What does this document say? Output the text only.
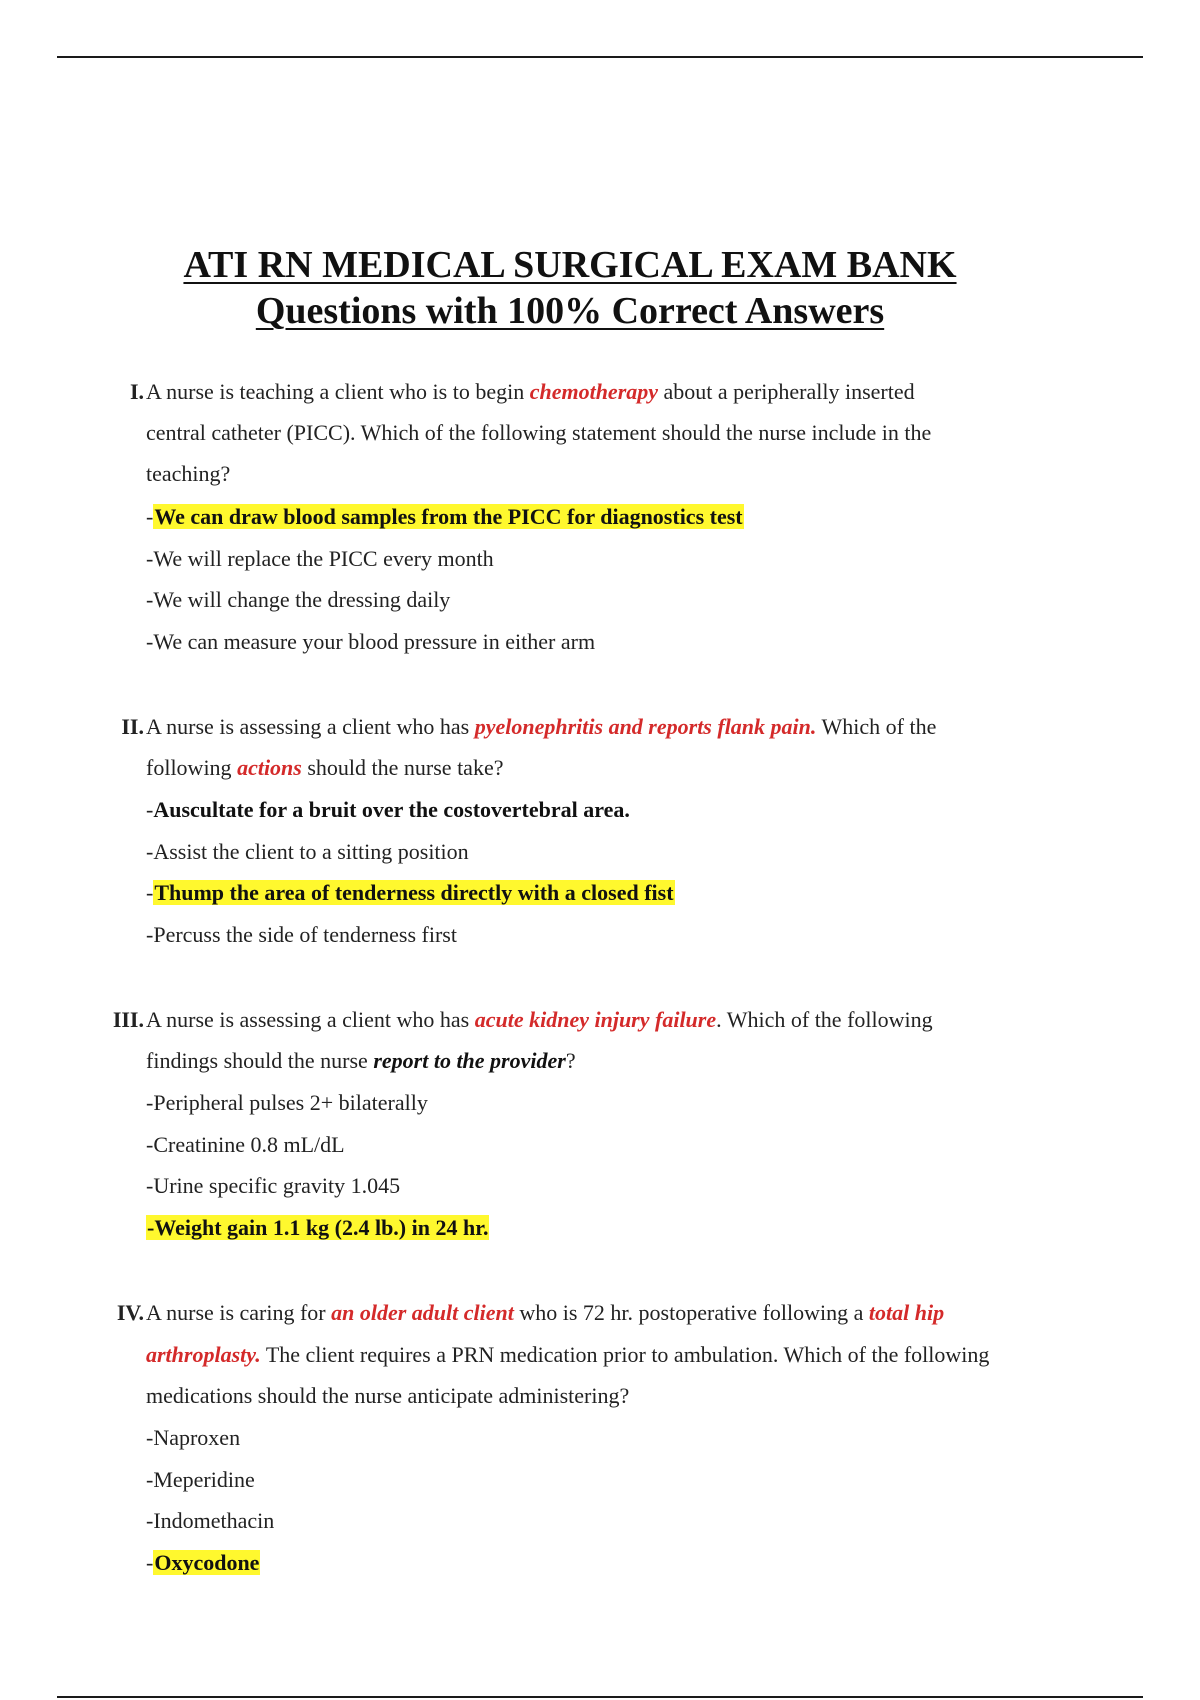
ATI RN MEDICAL SURGICAL EXAM BANK
Questions with 100% Correct Answers
I. A nurse is teaching a client who is to begin chemotherapy about a peripherally inserted
central catheter (PICC). Which of the following statement should the nurse include in the
teaching?
-We can draw blood samples from the PICC for diagnostics test
-We will replace the PICC every month
-We will change the dressing daily
-We can measure your blood pressure in either arm
II. A nurse is assessing a client who has pyelonephritis and reports flank pain. Which of the
following actions should the nurse take?
-Auscultate for a bruit over the costovertebral area.
-Assist the client to a sitting position
-Thump the area of tenderness directly with a closed fist
-Percuss the side of tenderness first
III. A nurse is assessing a client who has acute kidney injury failure. Which of the following
findings should the nurse report to the provider?
-Peripheral pulses 2+ bilaterally
-Creatinine 0.8 mL/dL
-Urine specific gravity 1.045
-Weight gain 1.1 kg (2.4 lb.) in 24 hr.
IV. A nurse is caring for an older adult client who is 72 hr. postoperative following a total hip
arthroplasty. The client requires a PRN medication prior to ambulation. Which of the following
medications should the nurse anticipate administering?
-Naproxen
-Meperidine
-Indomethacin
-Oxycodone
